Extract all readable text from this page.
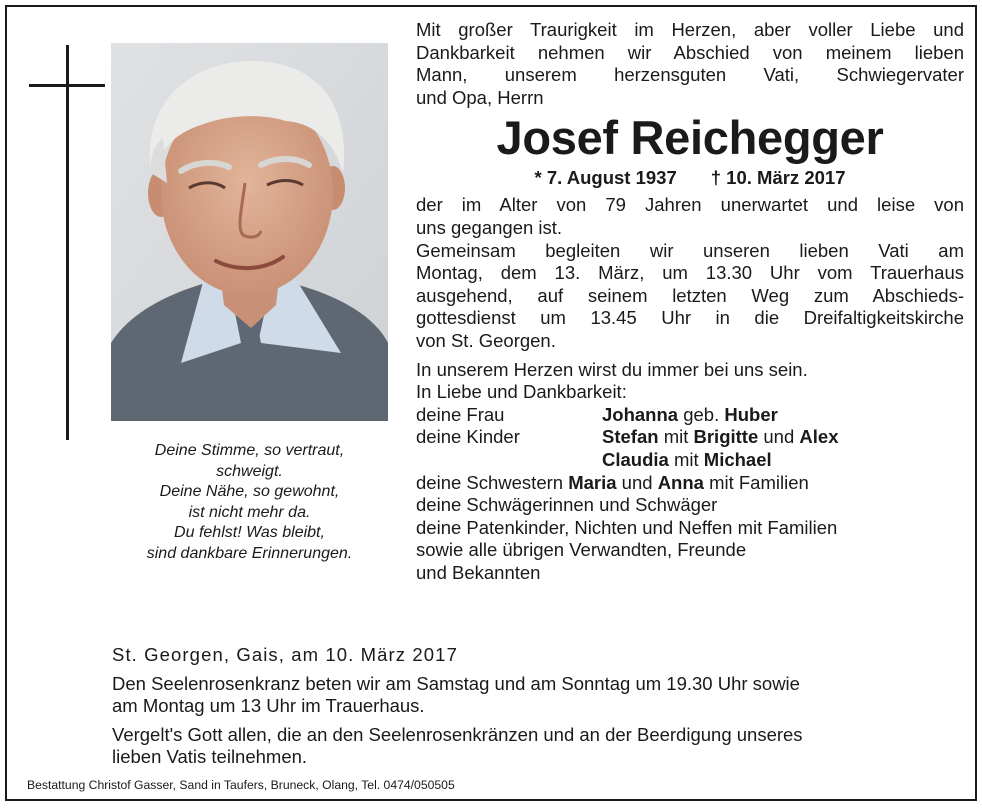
Deine Stimme, so vertraut,
schweigt.
Deine Nähe, so gewohnt,
ist nicht mehr da.
Du fehlst! Was bleibt,
sind dankbare Erinnerungen.
Mit großer Traurigkeit im Herzen, aber voller Liebe und
Dankbarkeit nehmen wir Abschied von meinem lieben
Mann, unserem herzensguten Vati, Schwiegervater
und Opa, Herrn
Josef Reichegger
* 7. August 1937 † 10. März 2017
der im Alter von 79 Jahren unerwartet und leise von
uns gegangen ist.
Gemeinsam begleiten wir unseren lieben Vati am
Montag, dem 13. März, um 13.30 Uhr vom Trauerhaus
ausgehend, auf seinem letzten Weg zum Abschieds-
gottesdienst um 13.45 Uhr in die Dreifaltigkeitskirche
von St. Georgen.
In unserem Herzen wirst du immer bei uns sein.
In Liebe und Dankbarkeit:
deine Frau	Johanna geb. Huber
deine Kinder	Stefan mit Brigitte und Alex
Claudia mit Michael
deine Schwestern Maria und Anna mit Familien
deine Schwägerinnen und Schwäger
deine Patenkinder, Nichten und Neffen mit Familien
sowie alle übrigen Verwandten, Freunde
und Bekannten
St. Georgen, Gais, am 10. März 2017
Den Seelenrosenkranz beten wir am Samstag und am Sonntag um 19.30 Uhr sowie
am Montag um 13 Uhr im Trauerhaus.
Vergelt's Gott allen, die an den Seelenrosenkränzen und an der Beerdigung unseres
lieben Vatis teilnehmen.
Bestattung Christof Gasser, Sand in Taufers, Bruneck, Olang, Tel. 0474/050505
